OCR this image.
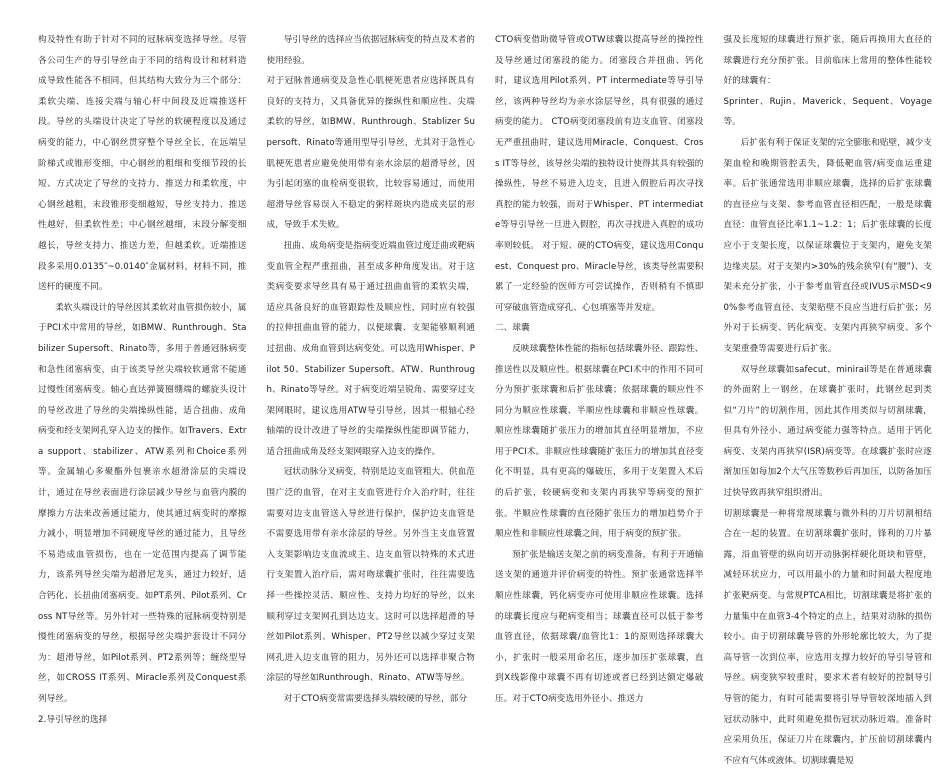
构及特性有助于针对不同的冠脉病变选择导丝。尽管各公司生产的导引导丝由于不同的结构设计和材料造成导致性能各不相同，但其结构大致分为三个部分：柔软尖端、连接尖端与轴心杆中间段及近端推送杆段。导丝的头端设计决定了导丝的软硬程度以及通过病变的能力，中心钢丝贯穿整个导丝全长，在远端呈阶梯式或锥形变细，中心钢丝的粗细和变细节段的长短、方式决定了导丝的支持力、推送力和柔软度，中心钢丝越粗，末段锥形变细越短，导丝支持力、推送性越好，但柔软性差；中心钢丝越细，末段分解变细越长，导丝支持力、推送力差，但越柔软。近端推送段多采用0.0135″~0.0140″金属材料，材料不同，推送杆的硬度不同。

柔软头端设计的导丝因其柔软对血管损伤较小，属于PCI术中常用的导丝，如BMW、Runthrough、Stabilizer Supersoft、Rinato等，多用于普通冠脉病变和急性闭塞病变，由于该类导丝尖端较软通常不能通过慢性闭塞病变。轴心直达弹簧圈绷端的螺旋头设计的导丝改进了导丝的尖端操纵性能，适合扭曲、成角病变和经支架网孔穿入边支的操作。如Travers、Extra support、stabilizer、ATW系列和Choice系列等。金属轴心多聚酯外包裹亲水超滑涂层的尖端设计，通过在导丝表面进行涂层减少导丝与血管内膜的摩擦力方法来改善通过能力，使其通过病变时的摩擦力减小，明显增加不同硬度导丝的通过能力，且导丝不易造成血管损伤，也在一定范围内提高了调节能力，该系列导丝尖端为超滑尼龙头，通过力较好，适合钙化、长扭曲闭塞病变。如PT系列、Pilot系列、Cross NT导丝等。另外针对一些特殊的冠脉病变特别是慢性闭塞病变的导丝，根据导丝尖端护套设计不同分为：超滑导丝，如Pilot系列、PT2系列等；缠绕型导丝，如CROSS IT系列、Miracle系列及Conquest系列导丝。

2.导引导丝的选择

导引导丝的选择应当依据冠脉病变的特点及术者的使用经验。

对于冠脉普通病变及急性心肌梗死患者应选择既具有良好的支持力，又具备优异的操纵性和顺应性、尖端柔软的导丝，如BMW、Runthrough、Stablizer Supersoft、Rinato等通用型导引导丝，尤其对于急性心肌梗死患者应避免使用带有亲水涂层的超滑导丝，因为引起闭塞的血栓病变很软，比较容易通过，而使用超滑导丝容易误入不稳定的粥样斑块内造成夹层的形成，导致手术失败。

扭曲、成角病变是指病变近端血管过度迂曲或靶病变血管全程严重扭曲，甚至成多种角度发出。对于这类病变要求导丝具有易于通过扭曲血管的柔软尖端，适应具备良好的血管跟踪性及顺应性，同时应有较强的拉伸扭曲血管的能力，以便球囊、支架能够顺利通过扭曲、成角血管到达病变处。可以选用Whisper、Pilot 50、Stabilizer Supersoft、ATW、Runthrough、Rinato等导丝。对于病变近端呈锐角、需要穿过支架网眼时，建议选用ATW导引导丝，因其一根轴心经轴端的设计改进了导丝的尖端操纵性能即调节能力，适合扭曲成角及经支架网眼穿入边支的操作。

冠状动脉分叉病变，特别是边支血管粗大、供血范围广泛的血管，在对主支血管进行介入治疗时，往往需要对边支血管送入导丝进行保护，保护边支血管是不需要选用带有亲水涂层的导丝。另外当主支血管置入支架影响边支血流或主、边支血管以特殊的术式进行支架置入治疗后，需对吻球囊扩张时，往往需要选择一些操控灵活、顺应性、支持力均好的导丝，以来顺利穿过支架网孔到达边支。这时可以选择超滑的导丝如Pilot系列、Whisper、PT2导丝以减少穿过支架网孔进入边支血管的阻力，另外还可以选择非聚合物涂层的导丝如Runthrough、Rinato、ATW等导丝。

对于CTO病变常需要选择头端较硬的导丝，部分

CTO病变借助微导管或OTW球囊以提高导丝的操控性及导丝通过闭塞段的能力。闭塞段合并扭曲、钙化时，建议选用Pilot系列、PT intermediate等导引导丝，该两种导丝均为亲水涂层导丝，具有很强的通过病变的能力。 CTO病变闭塞段前有边支血管、闭塞段无严重扭曲时，建议选用Miracle、Conquest、Cross IT等导丝，该导丝尖端的独特设计使得其具有较强的操纵性，导丝不易进入边支，且进入假腔后再次寻找真腔的能力较强，而对于Whisper、PT intermediate等导引导丝一旦进入假腔，再次寻找进入真腔的成功率则较低。 对于短、硬的CTO病变，建议选用Conquest、Conquest pro、Miracle导丝，该类导丝需要积累了一定经验的医师方可尝试操作，否则稍有不慎即可穿破血管造成穿孔、心包填塞等并发症。

二、球囊

反映球囊整体性能的指标包括球囊外径、跟踪性、推送性以及顺应性。根据球囊在PCI术中的作用不同可分为预扩张球囊和后扩张球囊；依据球囊的顺应性不同分为顺应性球囊、半顺应性球囊和非顺应性球囊。顺应性球囊随扩张压力的增加其直径明显增加，不应用于PCI术。非顺应性球囊随扩张压力的增加其直径变化不明显，具有更高的爆破压，多用于支架置入术后的后扩张，较硬病变和支架内再狭窄等病变的预扩张。半顺应性球囊的直径随扩张压力的增加趋势介于顺应性和非顺应性球囊之间，用于病变的预扩张。

预扩张是输送支架之前的病变准备，有利于开通输送支架的通道并评价病变的特性。预扩张通常选择半顺应性球囊，钙化病变亦可使用非顺应性球囊。选择的球囊长度应与靶病变相当；球囊直径可以低于参考血管直径，依据球囊/血管比1：1的原则选择球囊大小，扩张时一般采用命名压，逐步加压扩张球囊，直到X线影像中球囊不再有切迹或者已经到达额定爆破压。对于CTO病变选用外径小、推送力

强及长度短的球囊进行预扩张，随后再换用大直径的球囊进行充分预扩张。目前临床上常用的整体性能较好的球囊有：

Sprinter、Rujin、Maverick、Sequent、Voyage等。

后扩张有利于保证支架的完全膨胀和贴壁，减少支架血栓和晚期管腔丢失，降低靶血管/病变血运重建率。后扩张通常选用非顺应球囊，选择的后扩张球囊的直径应与支架、参考血管直径相匹配，一般是球囊直径：血管直径比率1.1~1.2：1；后扩张球囊的长度应小于支架长度，以保证球囊位于支架内，避免支架边缘夹层。对于支架内>30%的残余狭窄(有“腰”)、支架未充分扩张，小于参考血管直径或IVUS示MSD<90%参考血管直径、支架贴壁不良应当进行后扩张；另外对于长病变、钙化病变、支架内再狭窄病变、多个支架重叠等需要进行后扩张。

双导丝球囊如safecut、minirail等是在普通球囊的外面附上一钢丝，在球囊扩张时，此钢丝起到类似“刀片”的切割作用，因此其作用类似与切割球囊，但具有外径小、通过病变能力强等特点。适用于钙化病变、支架内再狭窄(ISR)病变等。在球囊扩张时应逐渐加压如每加2个大气压等数秒后再加压，以防备加压过快导致再狭窄组织滑出。

切割球囊是一种将常规球囊与微外科的刀片切割相结合在一起的装置。在切割球囊扩张时，锋利的刀片暴露，沿血管壁的纵向切开动脉粥样硬化斑块和管壁，减轻环状应力，可以用最小的力量和时间最大程度地扩张靶病变。与常规PTCA相比，切割球囊是将扩张的力量集中在血管3-4个特定的点上，结果对动脉的损伤较小。由于切割球囊导管的外形轮廓比较大，为了提高导管一次到位率，应选用支撑力较好的导引导管和导丝。病变狭窄较重时，要求术者有较好的控制导引导管的能力，有时可能需要将引导导管较深地插入到冠状动脉中，此时须避免损伤冠状动脉近端。准备时应采用负压，保证刀片在球囊内，扩压前切割球囊内不应有气体或液体。切割球囊是短
